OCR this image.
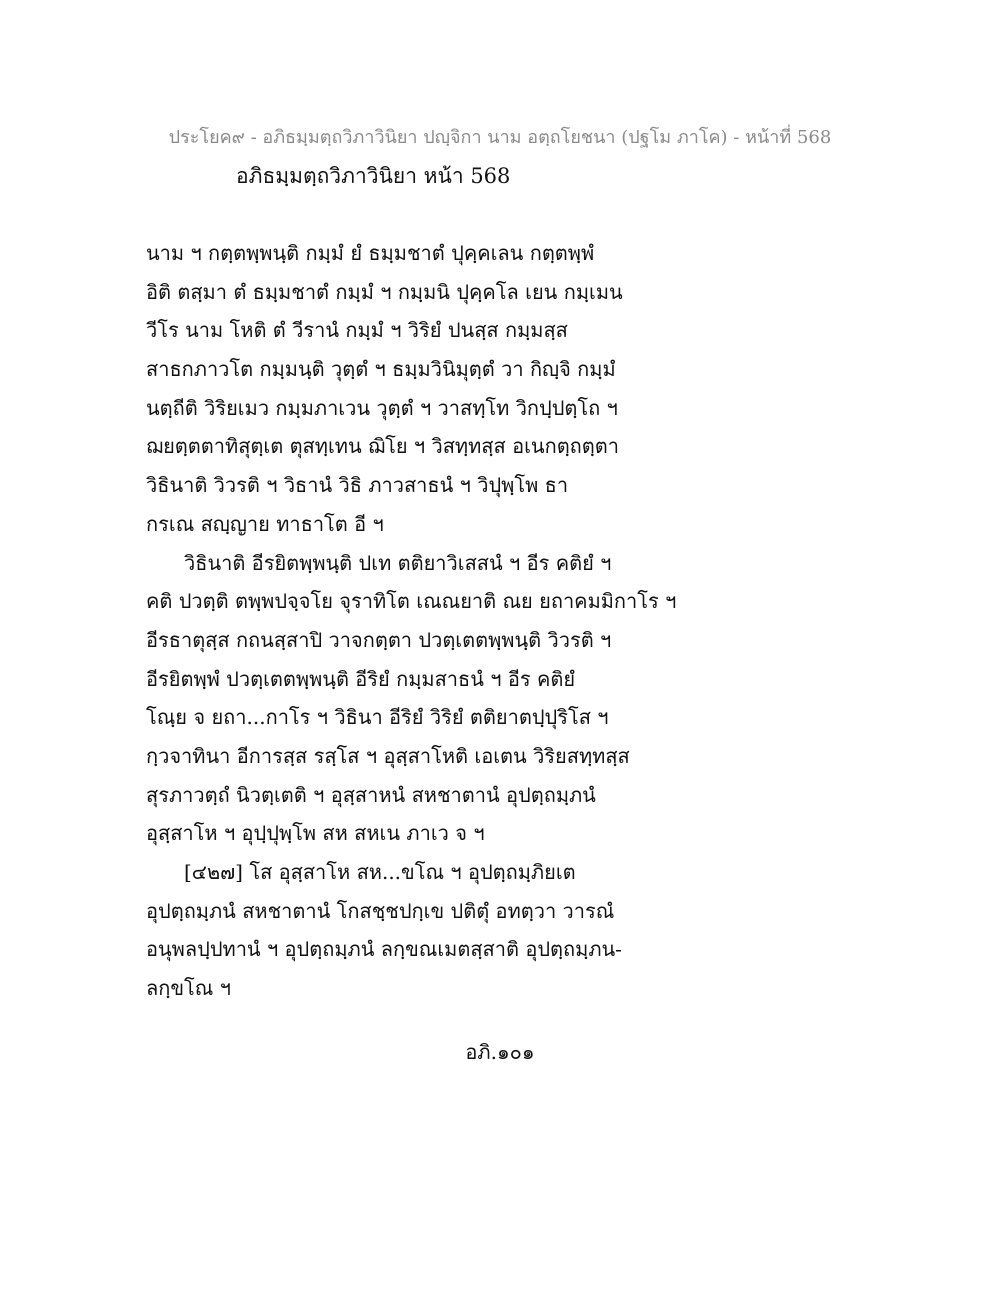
ประโยค๙ - อภิธมฺมตฺถวิภาวินิยา ปญฺจิกา นาม อตฺถโยชนา (ปฐโม ภาโค) - หน้าที่ 568
อภิธมฺมตฺถวิภาวินิยา หน้า 568
นาม ฯ กตฺตพฺพนฺติ กมฺมํ ยํ ธมฺมชาตํ ปุคฺคเลน กตฺตพฺพํ
อิติ ตสฺมา ตํ ธมฺมชาตํ กมฺมํ ฯ กมฺมนิ ปุคฺคโล เยน กมฺเมน
วีโร นาม โหติ ตํ วีรานํ กมฺมํ ฯ วิริยํ ปนสฺส กมฺมสฺส
สาธกภาวโต กมฺมนฺติ วุตฺตํ ฯ ธมฺมวินิมุตฺตํ วา กิญฺจิ กมฺมํ
นตฺถีติ วิริยเมว กมฺมภาเวน วุตฺตํ ฯ วาสทฺโท วิกปฺปตฺโถ ฯ
ฌยตฺตตาทิสุตฺเต ตุสทฺเทน ฌิโย ฯ วิสทฺทสฺส อเนกตฺถตฺตา
วิธินาติ วิวรติ ฯ วิธานํ วิธิ ภาวสาธนํ ฯ วิปุพฺโพ ธา
กรเณ สญฺญาย ทาธาโต อี ฯ
วิธินาติ อีรยิตพฺพนฺติ ปเท ตติยาวิเสสนํ ฯ อีร คติยํ ฯ
คติ ปวตฺติ ตพฺพปจฺจโย จุราทิโต เณณยาติ ณย ยถาคมมิกาโร ฯ
อีรธาตุสฺส กถนสฺสาปิ วาจกตฺตา ปวตฺเตตพฺพนฺติ วิวรติ ฯ
อีรยิตพฺพํ ปวตฺเตตพฺพนฺติ อีริยํ กมฺมสาธนํ ฯ อีร คติยํ
โณฺย จ ยถา...กาโร ฯ วิธินา อีริยํ วิริยํ ตติยาตปฺปุริโส ฯ
กฺวจาทินา อีการสฺส รสฺโส ฯ อุสฺสาโหติ เอเตน วิริยสทฺทสฺส
สุรภาวตฺถํ นิวตฺเตติ ฯ อุสฺสาหนํ สหชาตานํ อุปตฺถมฺภนํ
อุสฺสาโห ฯ อุปฺปุพฺโพ สห สหเน ภาเว จ ฯ
[๔๒๗] โส อุสฺสาโห สห...ขโณ ฯ อุปตฺถมฺภิยเต
อุปตฺถมฺภนํ สหชาตานํ โกสชฺชปกฺเข ปติตุํ อทตฺวา วารณํ
อนุพลปฺปทานํ ฯ อุปตฺถมฺภนํ ลกฺขณเมตสฺสาติ อุปตฺถมฺภน-
ลกฺขโณ ฯ
อภิ.๑๐๑
